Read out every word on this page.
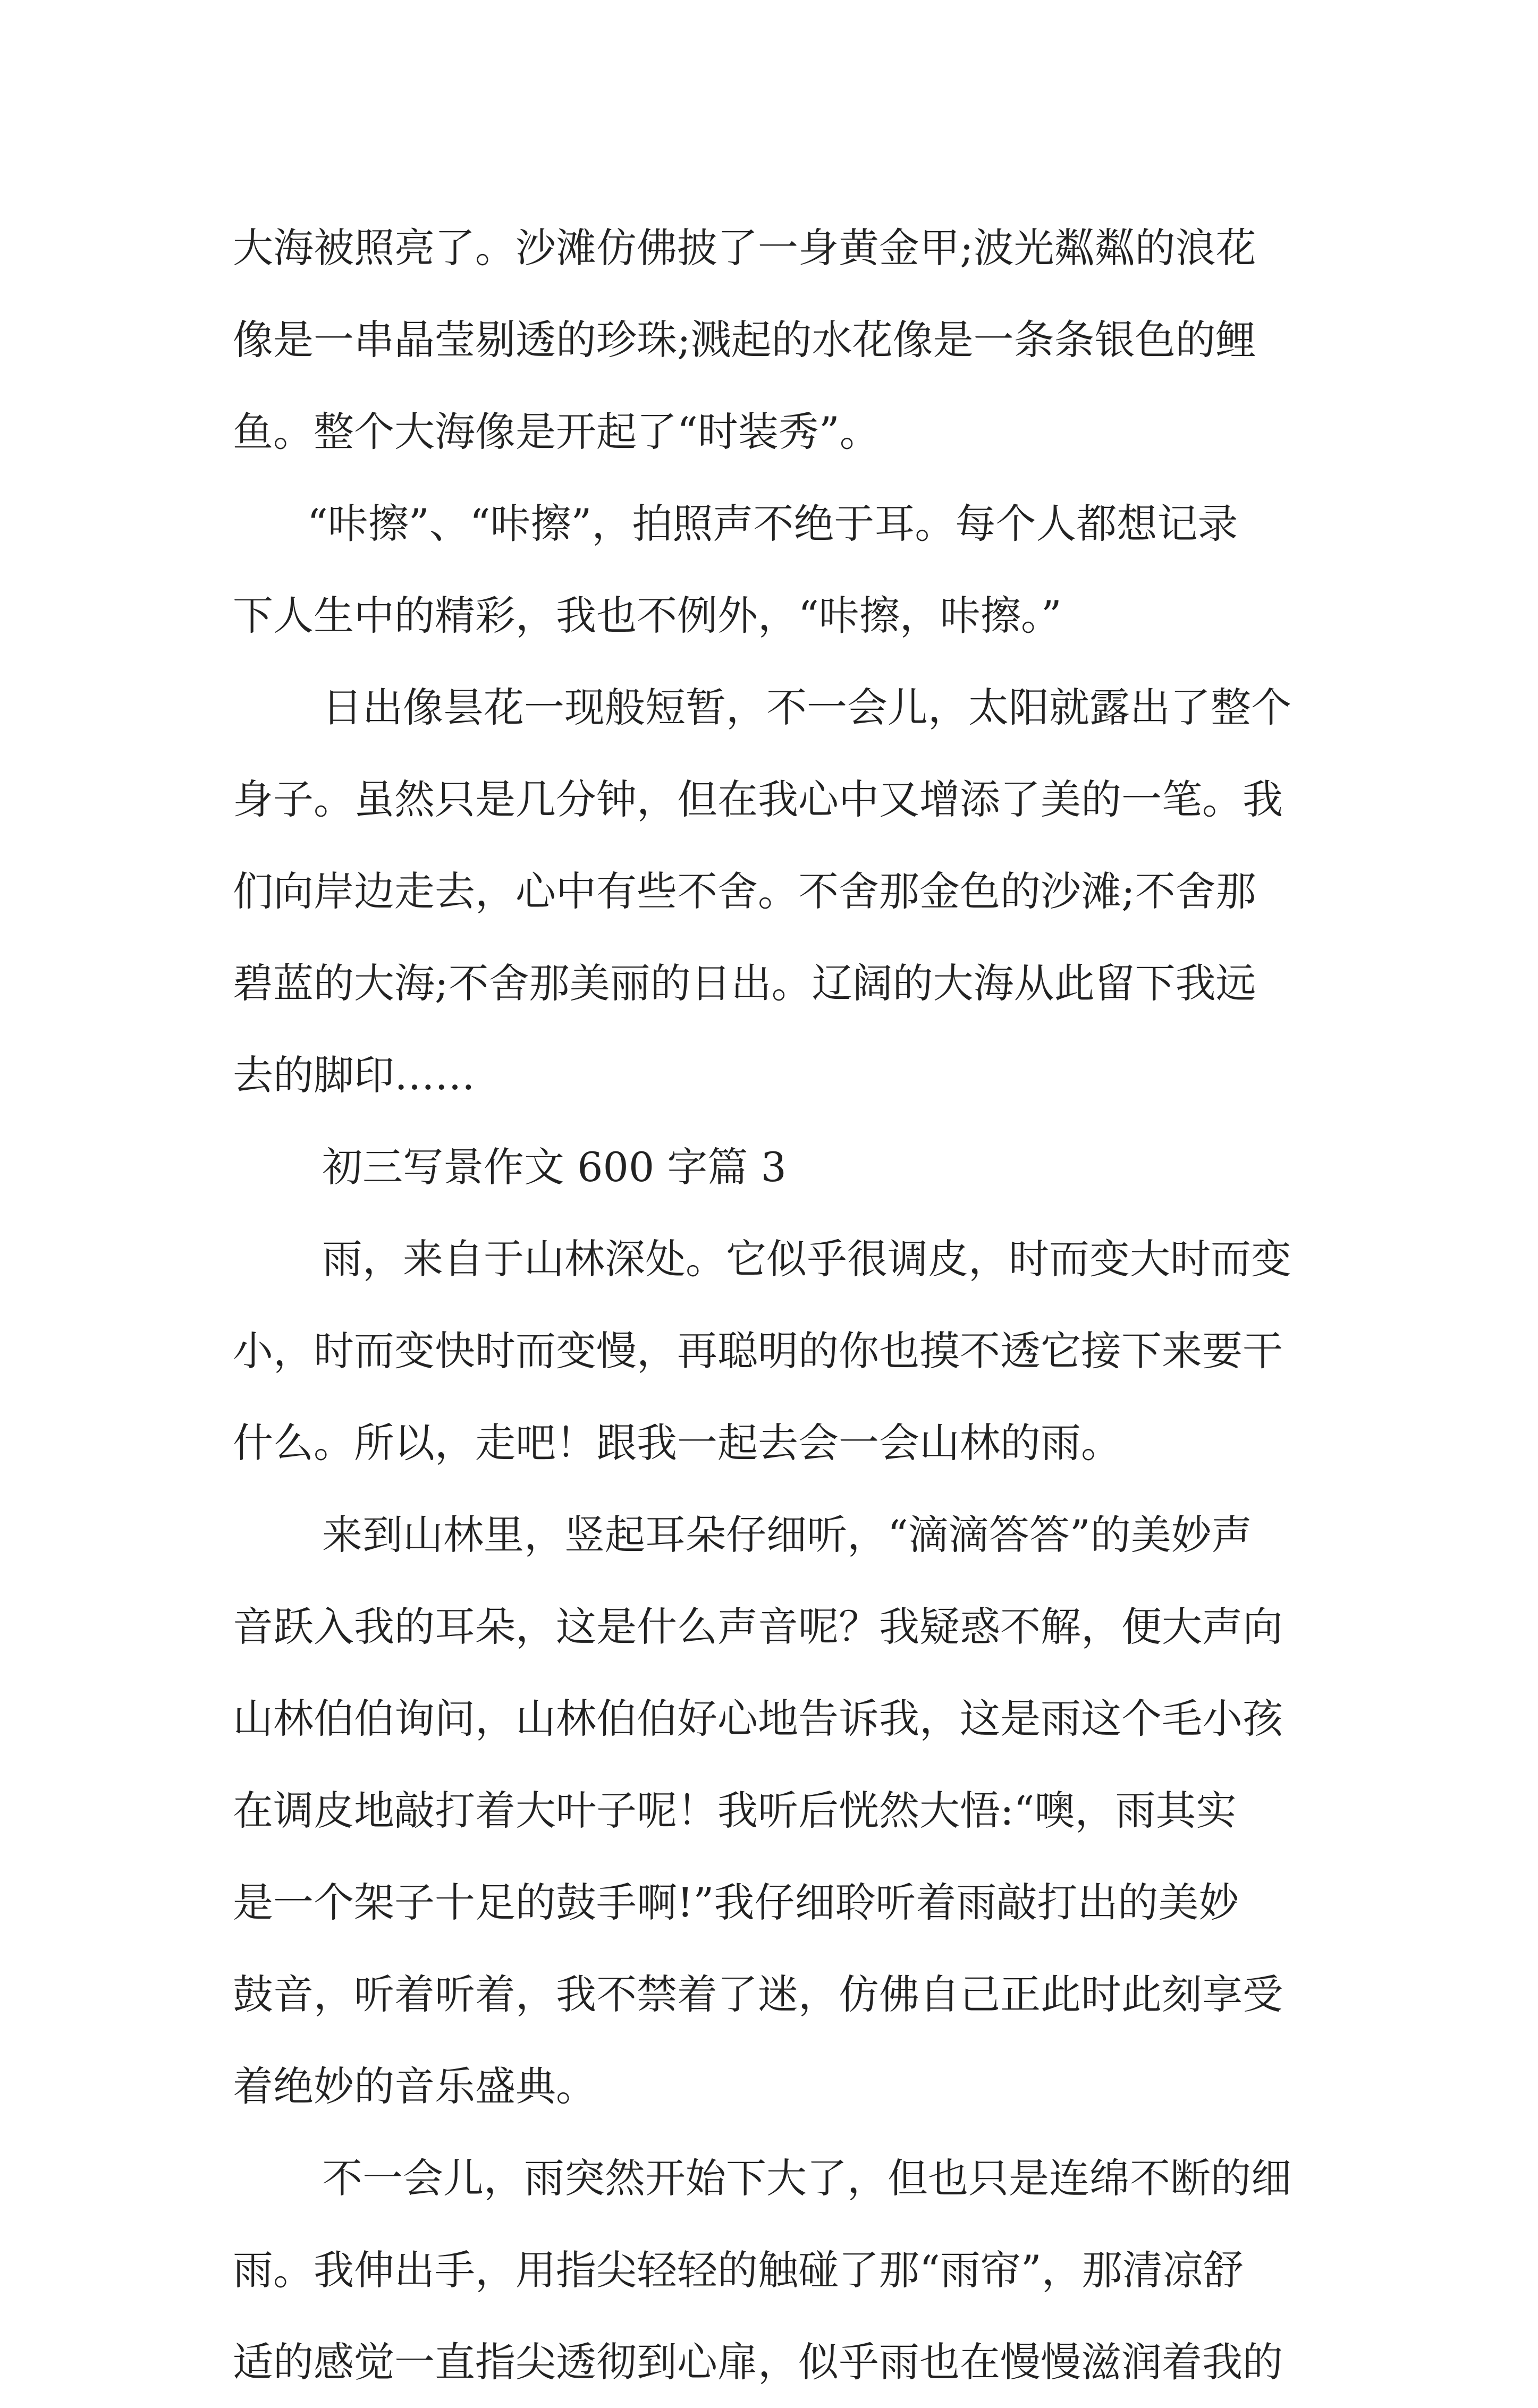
大海被照亮了。沙滩仿佛披了一身黄金甲;波光粼粼的浪花
像是一串晶莹剔透的珍珠;溅起的水花像是一条条银色的鲤
鱼。整个大海像是开起了“时装秀”。
“咔擦”、“咔擦”，拍照声不绝于耳。每个人都想记录
下人生中的精彩，我也不例外，“咔擦，咔擦。”
日出像昙花一现般短暂，不一会儿，太阳就露出了整个
身子。虽然只是几分钟，但在我心中又增添了美的一笔。我
们向岸边走去，心中有些不舍。不舍那金色的沙滩;不舍那
碧蓝的大海;不舍那美丽的日出。辽阔的大海从此留下我远
去的脚印……
初三写景作文 600 字篇 3
雨，来自于山林深处。它似乎很调皮，时而变大时而变
小，时而变快时而变慢，再聪明的你也摸不透它接下来要干
什么。所以，走吧！跟我一起去会一会山林的雨。
来到山林里，竖起耳朵仔细听，“滴滴答答”的美妙声
音跃入我的耳朵，这是什么声音呢？我疑惑不解，便大声向
山林伯伯询问，山林伯伯好心地告诉我，这是雨这个毛小孩
在调皮地敲打着大叶子呢！我听后恍然大悟:“噢，雨其实
是一个架子十足的鼓手啊!”我仔细聆听着雨敲打出的美妙
鼓音，听着听着，我不禁着了迷，仿佛自己正此时此刻享受
着绝妙的音乐盛典。
不一会儿，雨突然开始下大了，但也只是连绵不断的细
雨。我伸出手，用指尖轻轻的触碰了那“雨帘”，那清凉舒
适的感觉一直指尖透彻到心扉，似乎雨也在慢慢滋润着我的
